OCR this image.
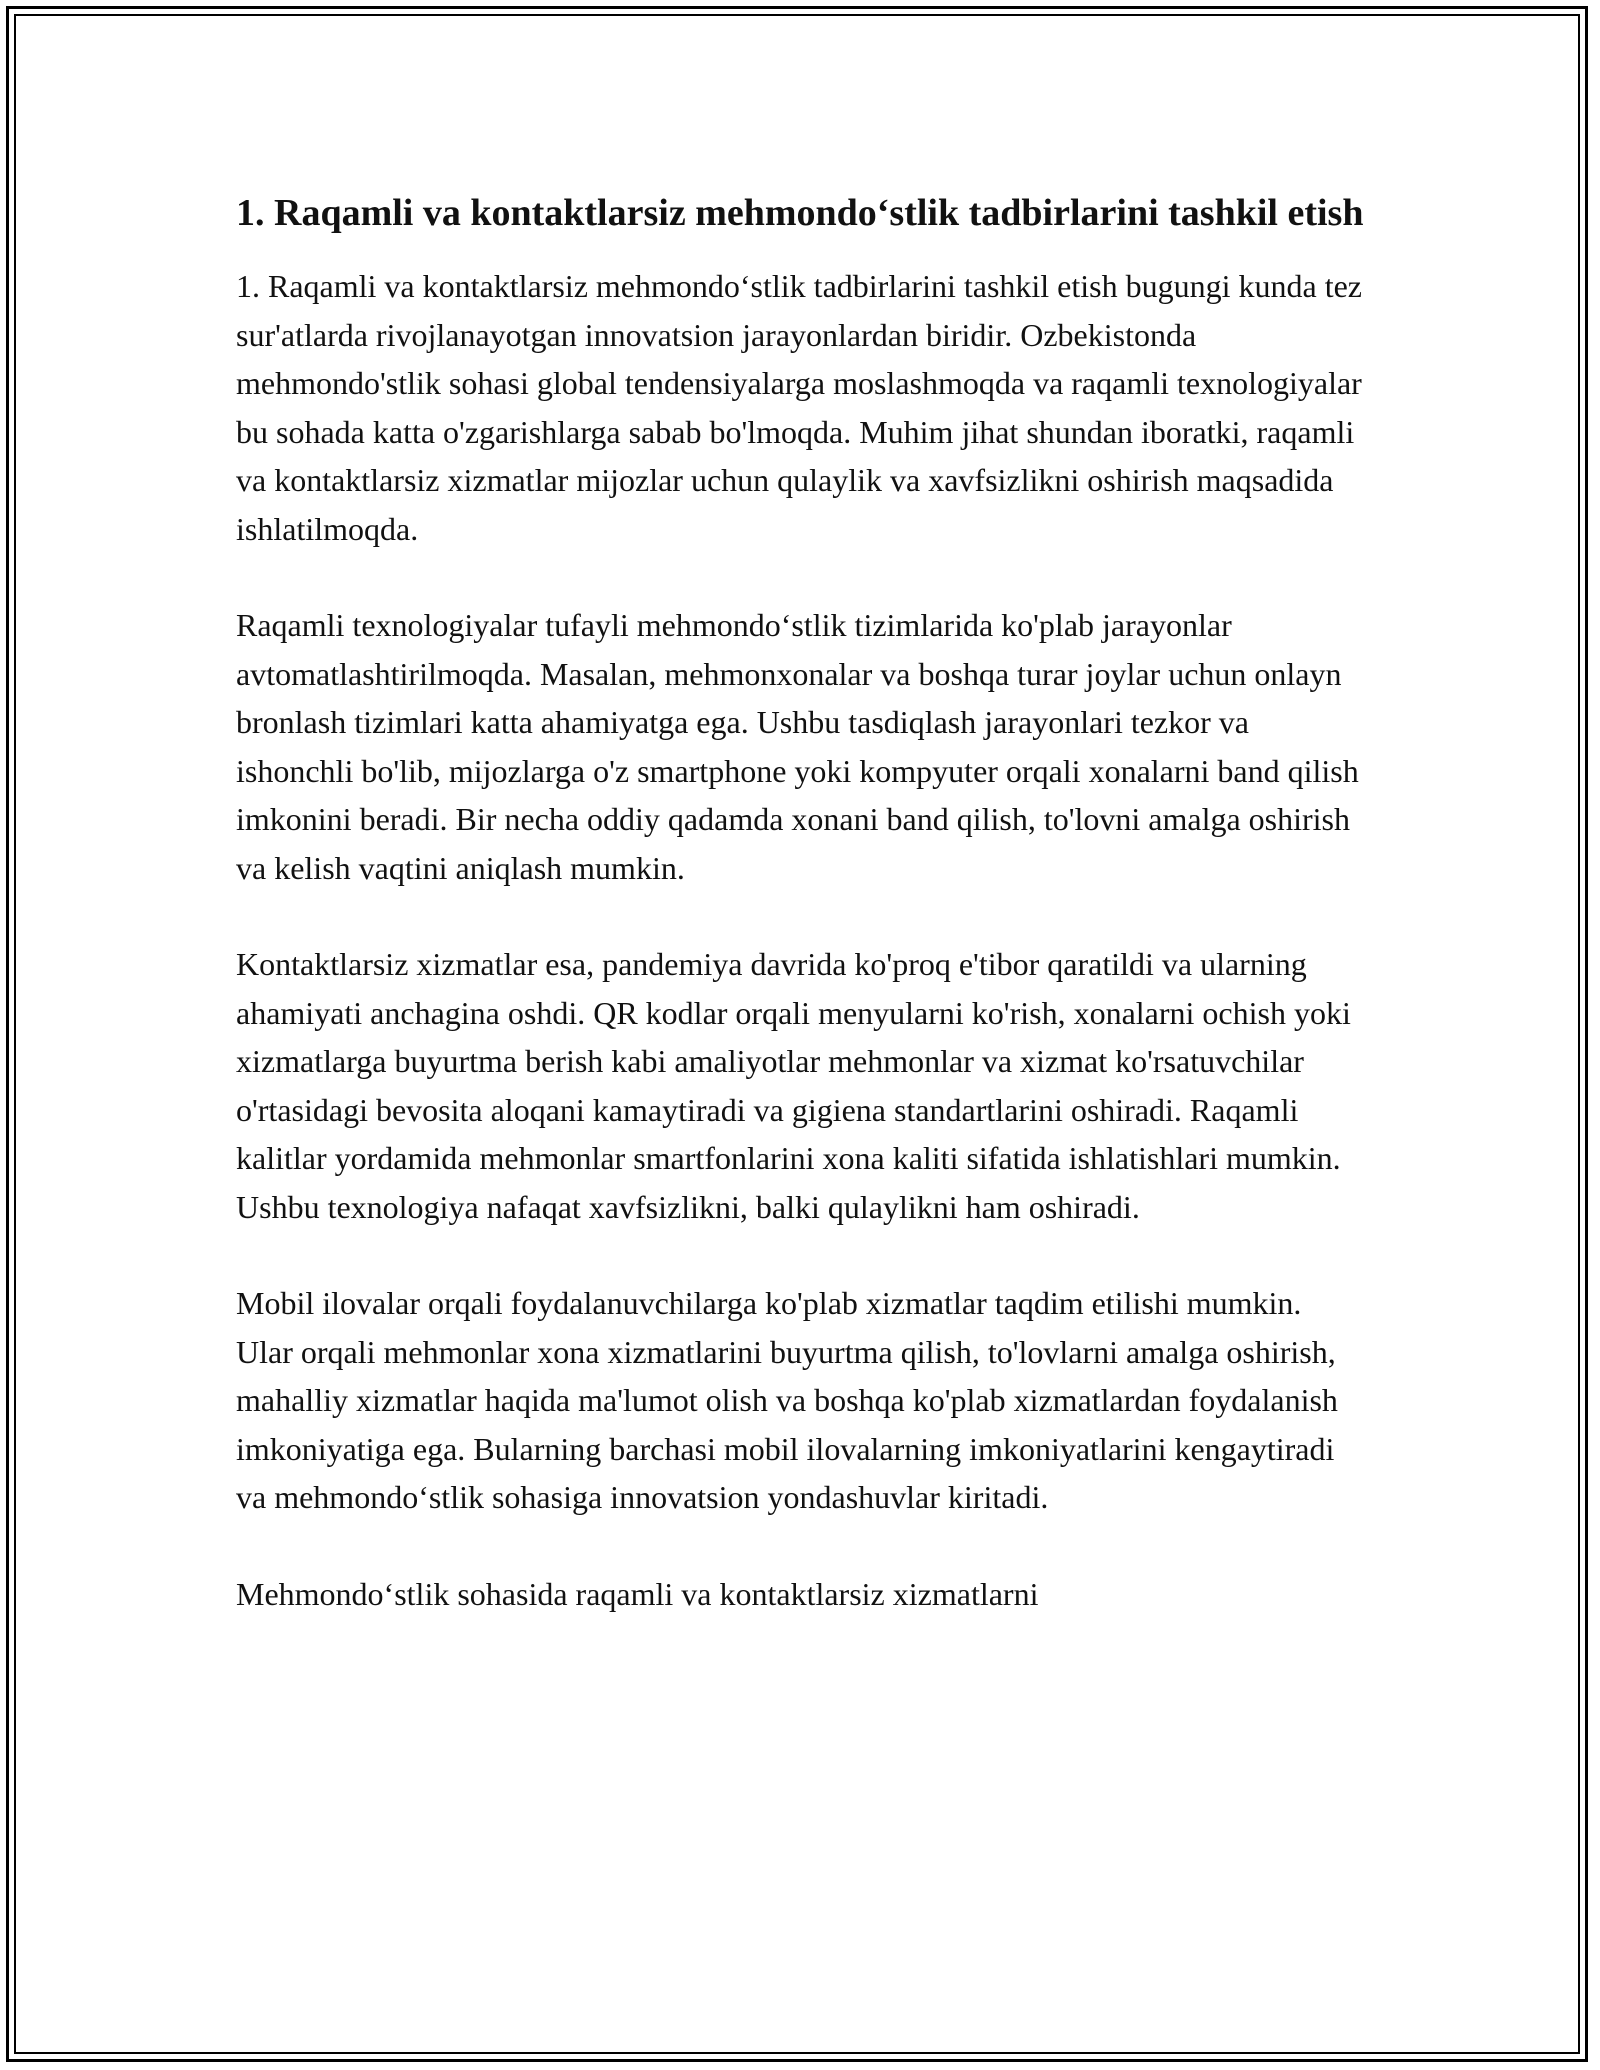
1. Raqamli va kontaktlarsiz mehmondo‘stlik tadbirlarini tashkil etish

1. Raqamli va kontaktlarsiz mehmondo‘stlik tadbirlarini tashkil etish bugungi kunda tez sur'atlarda rivojlanayotgan innovatsion jarayonlardan biridir. Ozbekistonda mehmondo'stlik sohasi global tendensiyalarga moslashmoqda va raqamli texnologiyalar bu sohada katta o'zgarishlarga sabab bo'lmoqda. Muhim jihat shundan iboratki, raqamli va kontaktlarsiz xizmatlar mijozlar uchun qulaylik va xavfsizlikni oshirish maqsadida ishlatilmoqda.

Raqamli texnologiyalar tufayli mehmondo‘stlik tizimlarida ko'plab jarayonlar avtomatlashtirilmoqda. Masalan, mehmonxonalar va boshqa turar joylar uchun onlayn bronlash tizimlari katta ahamiyatga ega. Ushbu tasdiqlash jarayonlari tezkor va ishonchli bo'lib, mijozlarga o'z smartphone yoki kompyuter orqali xonalarni band qilish imkonini beradi. Bir necha oddiy qadamda xonani band qilish, to'lovni amalga oshirish va kelish vaqtini aniqlash mumkin.

Kontaktlarsiz xizmatlar esa, pandemiya davrida ko'proq e'tibor qaratildi va ularning ahamiyati anchagina oshdi. QR kodlar orqali menyularni ko'rish, xonalarni ochish yoki xizmatlarga buyurtma berish kabi amaliyotlar mehmonlar va xizmat ko'rsatuvchilar o'rtasidagi bevosita aloqani kamaytiradi va gigiena standartlarini oshiradi. Raqamli kalitlar yordamida mehmonlar smartfonlarini xona kaliti sifatida ishlatishlari mumkin. Ushbu texnologiya nafaqat xavfsizlikni, balki qulaylikni ham oshiradi.

Mobil ilovalar orqali foydalanuvchilarga ko'plab xizmatlar taqdim etilishi mumkin. Ular orqali mehmonlar xona xizmatlarini buyurtma qilish, to'lovlarni amalga oshirish, mahalliy xizmatlar haqida ma'lumot olish va boshqa ko'plab xizmatlardan foydalanish imkoniyatiga ega. Bularning barchasi mobil ilovalarning imkoniyatlarini kengaytiradi va mehmondo‘stlik sohasiga innovatsion yondashuvlar kiritadi.

Mehmondo‘stlik sohasida raqamli va kontaktlarsiz xizmatlarni
